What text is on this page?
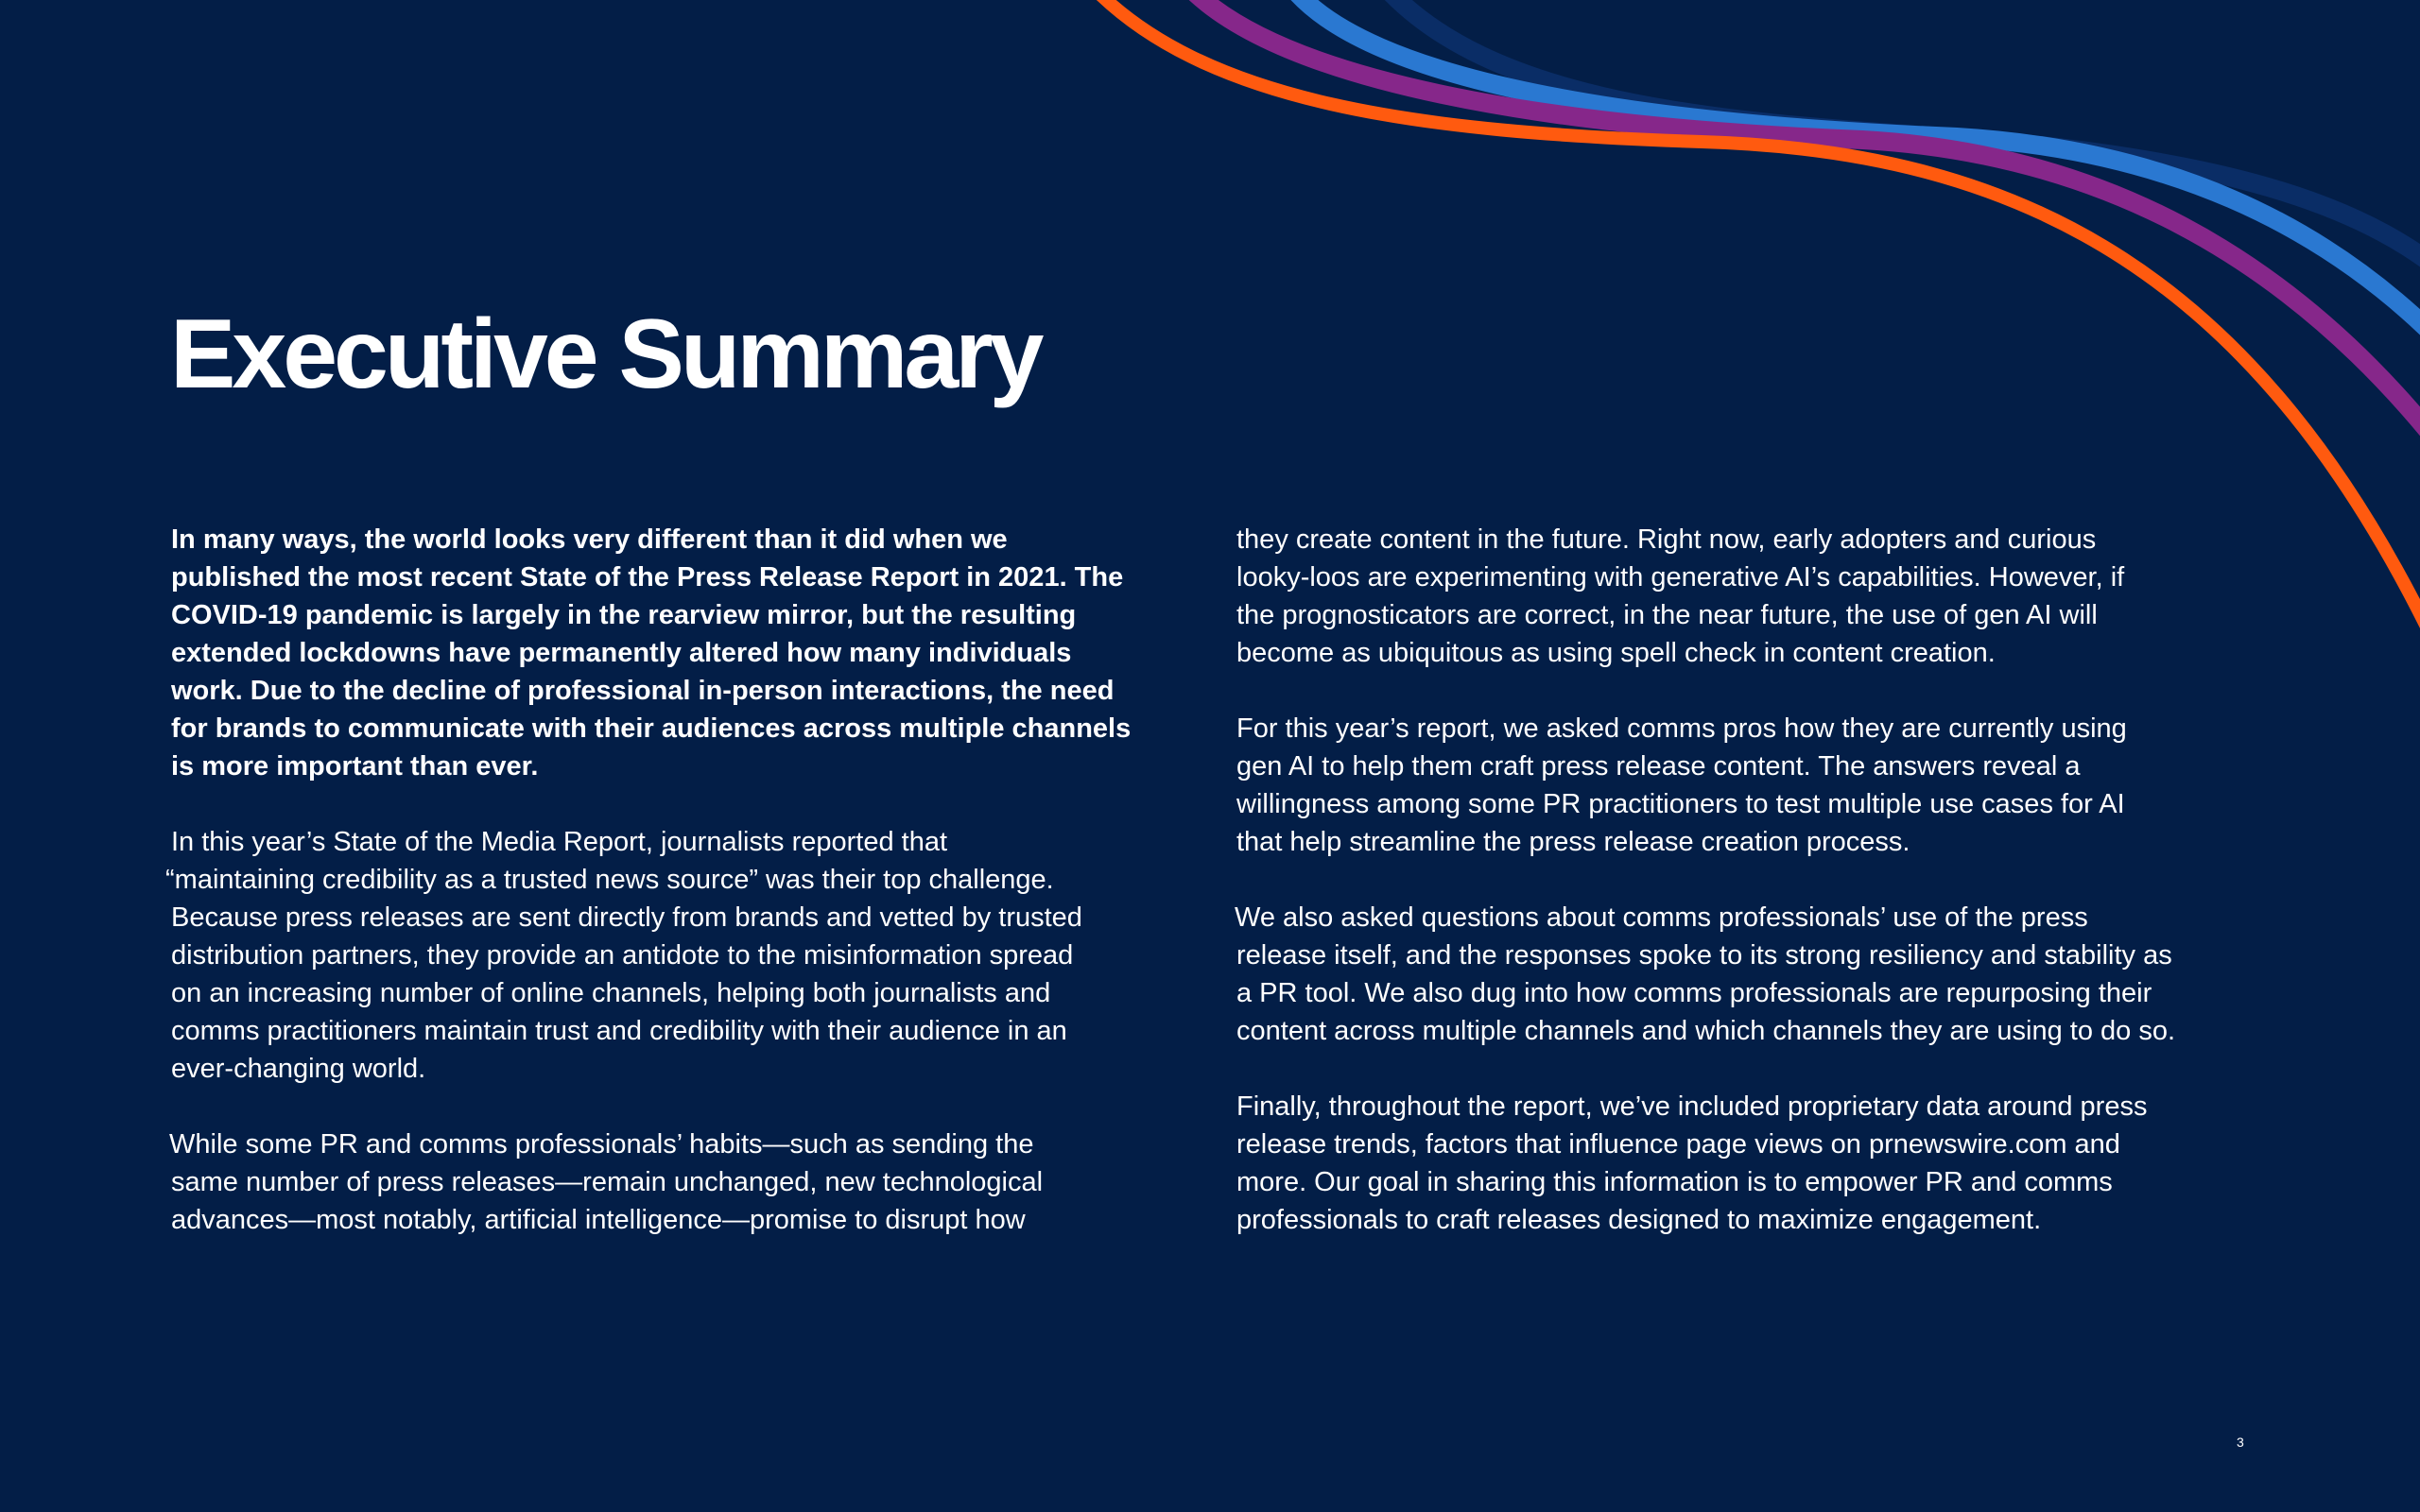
Executive Summary

In many ways, the world looks very different than it did when we
published the most recent State of the Press Release Report in 2021. The
COVID-19 pandemic is largely in the rearview mirror, but the resulting
extended lockdowns have permanently altered how many individuals
work. Due to the decline of professional in-person interactions, the need
for brands to communicate with their audiences across multiple channels
is more important than ever.

In this year’s State of the Media Report, journalists reported that
“maintaining credibility as a trusted news source” was their top challenge.
Because press releases are sent directly from brands and vetted by trusted
distribution partners, they provide an antidote to the misinformation spread
on an increasing number of online channels, helping both journalists and
comms practitioners maintain trust and credibility with their audience in an
ever-changing world.

While some PR and comms professionals’ habits—such as sending the
same number of press releases—remain unchanged, new technological
advances—most notably, artificial intelligence—promise to disrupt how

they create content in the future. Right now, early adopters and curious
looky-loos are experimenting with generative AI’s capabilities. However, if
the prognosticators are correct, in the near future, the use of gen AI will
become as ubiquitous as using spell check in content creation.

For this year’s report, we asked comms pros how they are currently using
gen AI to help them craft press release content. The answers reveal a
willingness among some PR practitioners to test multiple use cases for AI
that help streamline the press release creation process.

We also asked questions about comms professionals’ use of the press
release itself, and the responses spoke to its strong resiliency and stability as
a PR tool. We also dug into how comms professionals are repurposing their
content across multiple channels and which channels they are using to do so.

Finally, throughout the report, we’ve included proprietary data around press
release trends, factors that influence page views on prnewswire.com and
more. Our goal in sharing this information is to empower PR and comms
professionals to craft releases designed to maximize engagement.

3
